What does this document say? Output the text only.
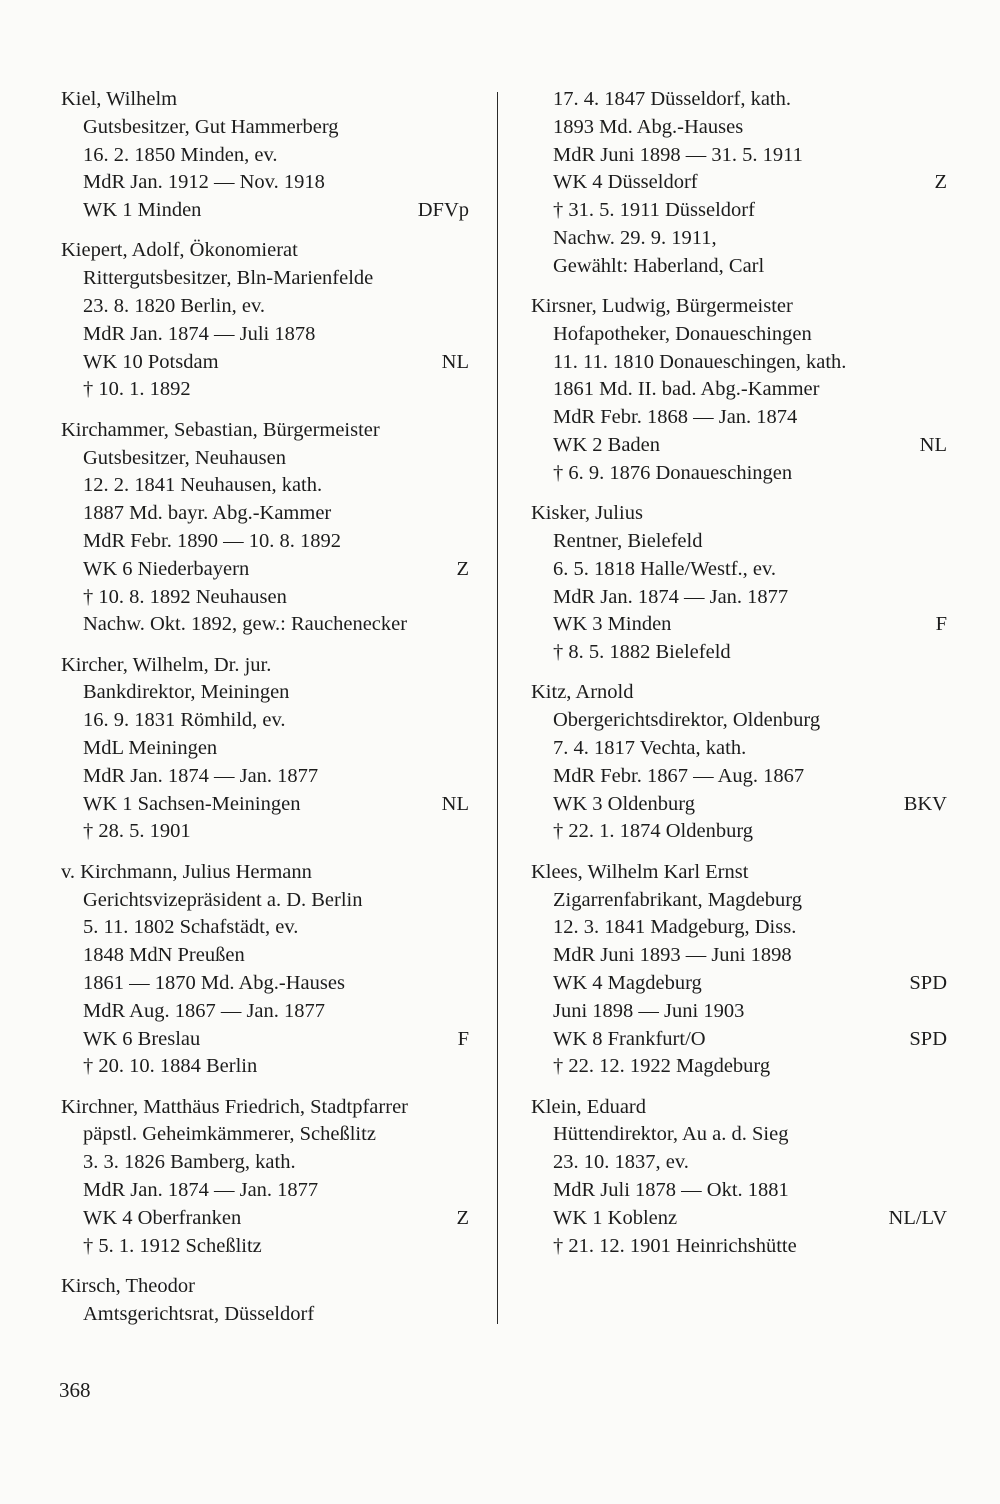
Kiel, Wilhelm
Gutsbesitzer, Gut Hammerberg
16. 2. 1850 Minden, ev.
MdR Jan. 1912 — Nov. 1918
WK 1 Minden	DFVp
Kiepert, Adolf, Ökonomierat
Rittergutsbesitzer, Bln-Marienfelde
23. 8. 1820 Berlin, ev.
MdR Jan. 1874 — Juli 1878
WK 10 Potsdam	NL
† 10. 1. 1892
Kirchammer, Sebastian, Bürgermeister
Gutsbesitzer, Neuhausen
12. 2. 1841 Neuhausen, kath.
1887 Md. bayr. Abg.-Kammer
MdR Febr. 1890 — 10. 8. 1892
WK 6 Niederbayern	Z
† 10. 8. 1892 Neuhausen
Nachw. Okt. 1892, gew.: Rauchenecker
Kircher, Wilhelm, Dr. jur.
Bankdirektor, Meiningen
16. 9. 1831 Römhild, ev.
MdL Meiningen
MdR Jan. 1874 — Jan. 1877
WK 1 Sachsen-Meiningen	NL
† 28. 5. 1901
v. Kirchmann, Julius Hermann
Gerichtsvizepräsident a. D. Berlin
5. 11. 1802 Schafstädt, ev.
1848 MdN Preußen
1861 — 1870 Md. Abg.-Hauses
MdR Aug. 1867 — Jan. 1877
WK 6 Breslau	F
† 20. 10. 1884 Berlin
Kirchner, Matthäus Friedrich, Stadtpfarrer
päpstl. Geheimkämmerer, Scheßlitz
3. 3. 1826 Bamberg, kath.
MdR Jan. 1874 — Jan. 1877
WK 4 Oberfranken	Z
† 5. 1. 1912 Scheßlitz
Kirsch, Theodor
Amtsgerichtsrat, Düsseldorf
17. 4. 1847 Düsseldorf, kath.
1893 Md. Abg.-Hauses
MdR Juni 1898 — 31. 5. 1911
WK 4 Düsseldorf	Z
† 31. 5. 1911 Düsseldorf
Nachw. 29. 9. 1911,
Gewählt: Haberland, Carl
Kirsner, Ludwig, Bürgermeister
Hofapotheker, Donaueschingen
11. 11. 1810 Donaueschingen, kath.
1861 Md. II. bad. Abg.-Kammer
MdR Febr. 1868 — Jan. 1874
WK 2 Baden	NL
† 6. 9. 1876 Donaueschingen
Kisker, Julius
Rentner, Bielefeld
6. 5. 1818 Halle/Westf., ev.
MdR Jan. 1874 — Jan. 1877
WK 3 Minden	F
† 8. 5. 1882 Bielefeld
Kitz, Arnold
Obergerichtsdirektor, Oldenburg
7. 4. 1817 Vechta, kath.
MdR Febr. 1867 — Aug. 1867
WK 3 Oldenburg	BKV
† 22. 1. 1874 Oldenburg
Klees, Wilhelm Karl Ernst
Zigarrenfabrikant, Magdeburg
12. 3. 1841 Madgeburg, Diss.
MdR Juni 1893 — Juni 1898
WK 4 Magdeburg	SPD
Juni 1898 — Juni 1903
WK 8 Frankfurt/O	SPD
† 22. 12. 1922 Magdeburg
Klein, Eduard
Hüttendirektor, Au a. d. Sieg
23. 10. 1837, ev.
MdR Juli 1878 — Okt. 1881
WK 1 Koblenz	NL/LV
† 21. 12. 1901 Heinrichshütte
368
